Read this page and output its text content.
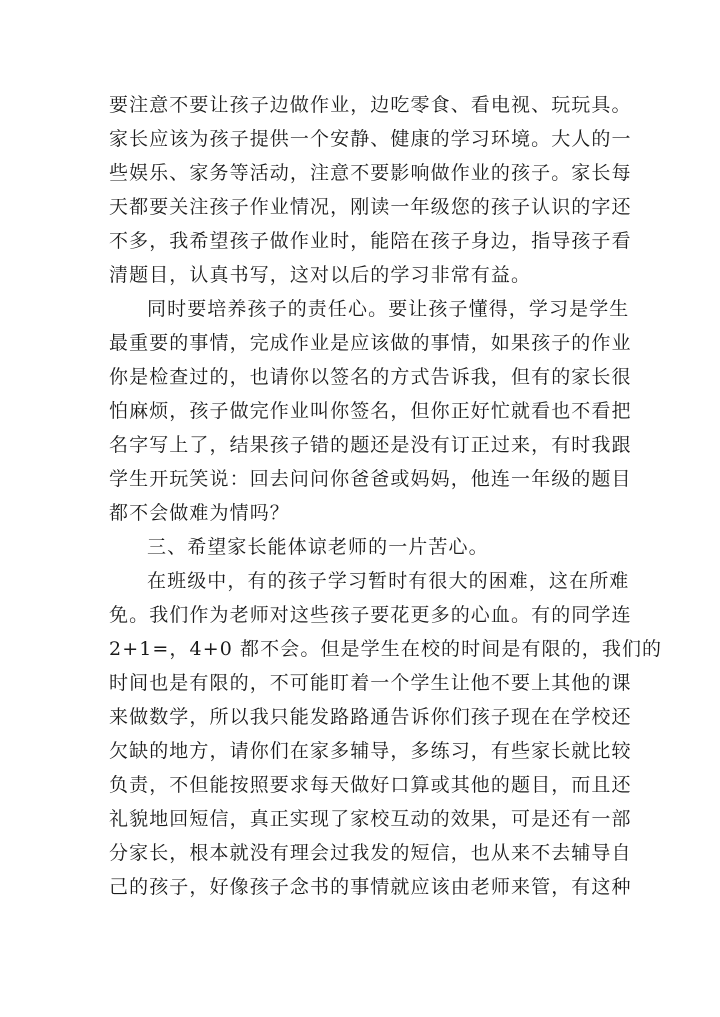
要注意不要让孩子边做作业，边吃零食、看电视、玩玩具。
家长应该为孩子提供一个安静、健康的学习环境。大人的一
些娱乐、家务等活动，注意不要影响做作业的孩子。家长每
天都要关注孩子作业情况，刚读一年级您的孩子认识的字还
不多，我希望孩子做作业时，能陪在孩子身边，指导孩子看
清题目，认真书写，这对以后的学习非常有益。
同时要培养孩子的责任心。要让孩子懂得，学习是学生
最重要的事情，完成作业是应该做的事情，如果孩子的作业
你是检查过的，也请你以签名的方式告诉我，但有的家长很
怕麻烦，孩子做完作业叫你签名，但你正好忙就看也不看把
名字写上了，结果孩子错的题还是没有订正过来，有时我跟
学生开玩笑说：回去问问你爸爸或妈妈，他连一年级的题目
都不会做难为情吗？
三、希望家长能体谅老师的一片苦心。
在班级中，有的孩子学习暂时有很大的困难，这在所难
免。我们作为老师对这些孩子要花更多的心血。有的同学连
2+1=，4+0 都不会。但是学生在校的时间是有限的，我们的
时间也是有限的，不可能盯着一个学生让他不要上其他的课
来做数学，所以我只能发路路通告诉你们孩子现在在学校还
欠缺的地方，请你们在家多辅导，多练习，有些家长就比较
负责，不但能按照要求每天做好口算或其他的题目，而且还
礼貌地回短信，真正实现了家校互动的效果，可是还有一部
分家长，根本就没有理会过我发的短信，也从来不去辅导自
己的孩子，好像孩子念书的事情就应该由老师来管，有这种
